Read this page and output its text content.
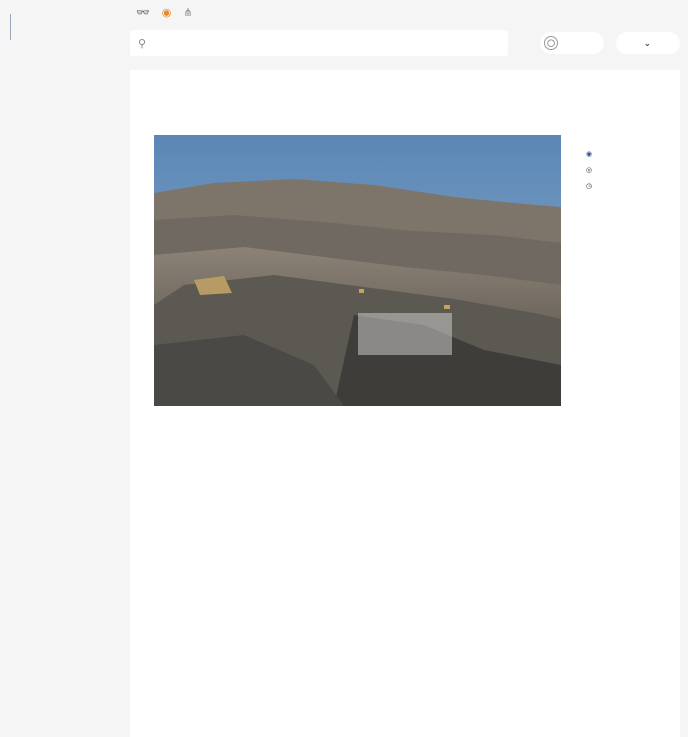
👓 ◉ ⋔
⚲	◯	⌄
◉
◎
◷
